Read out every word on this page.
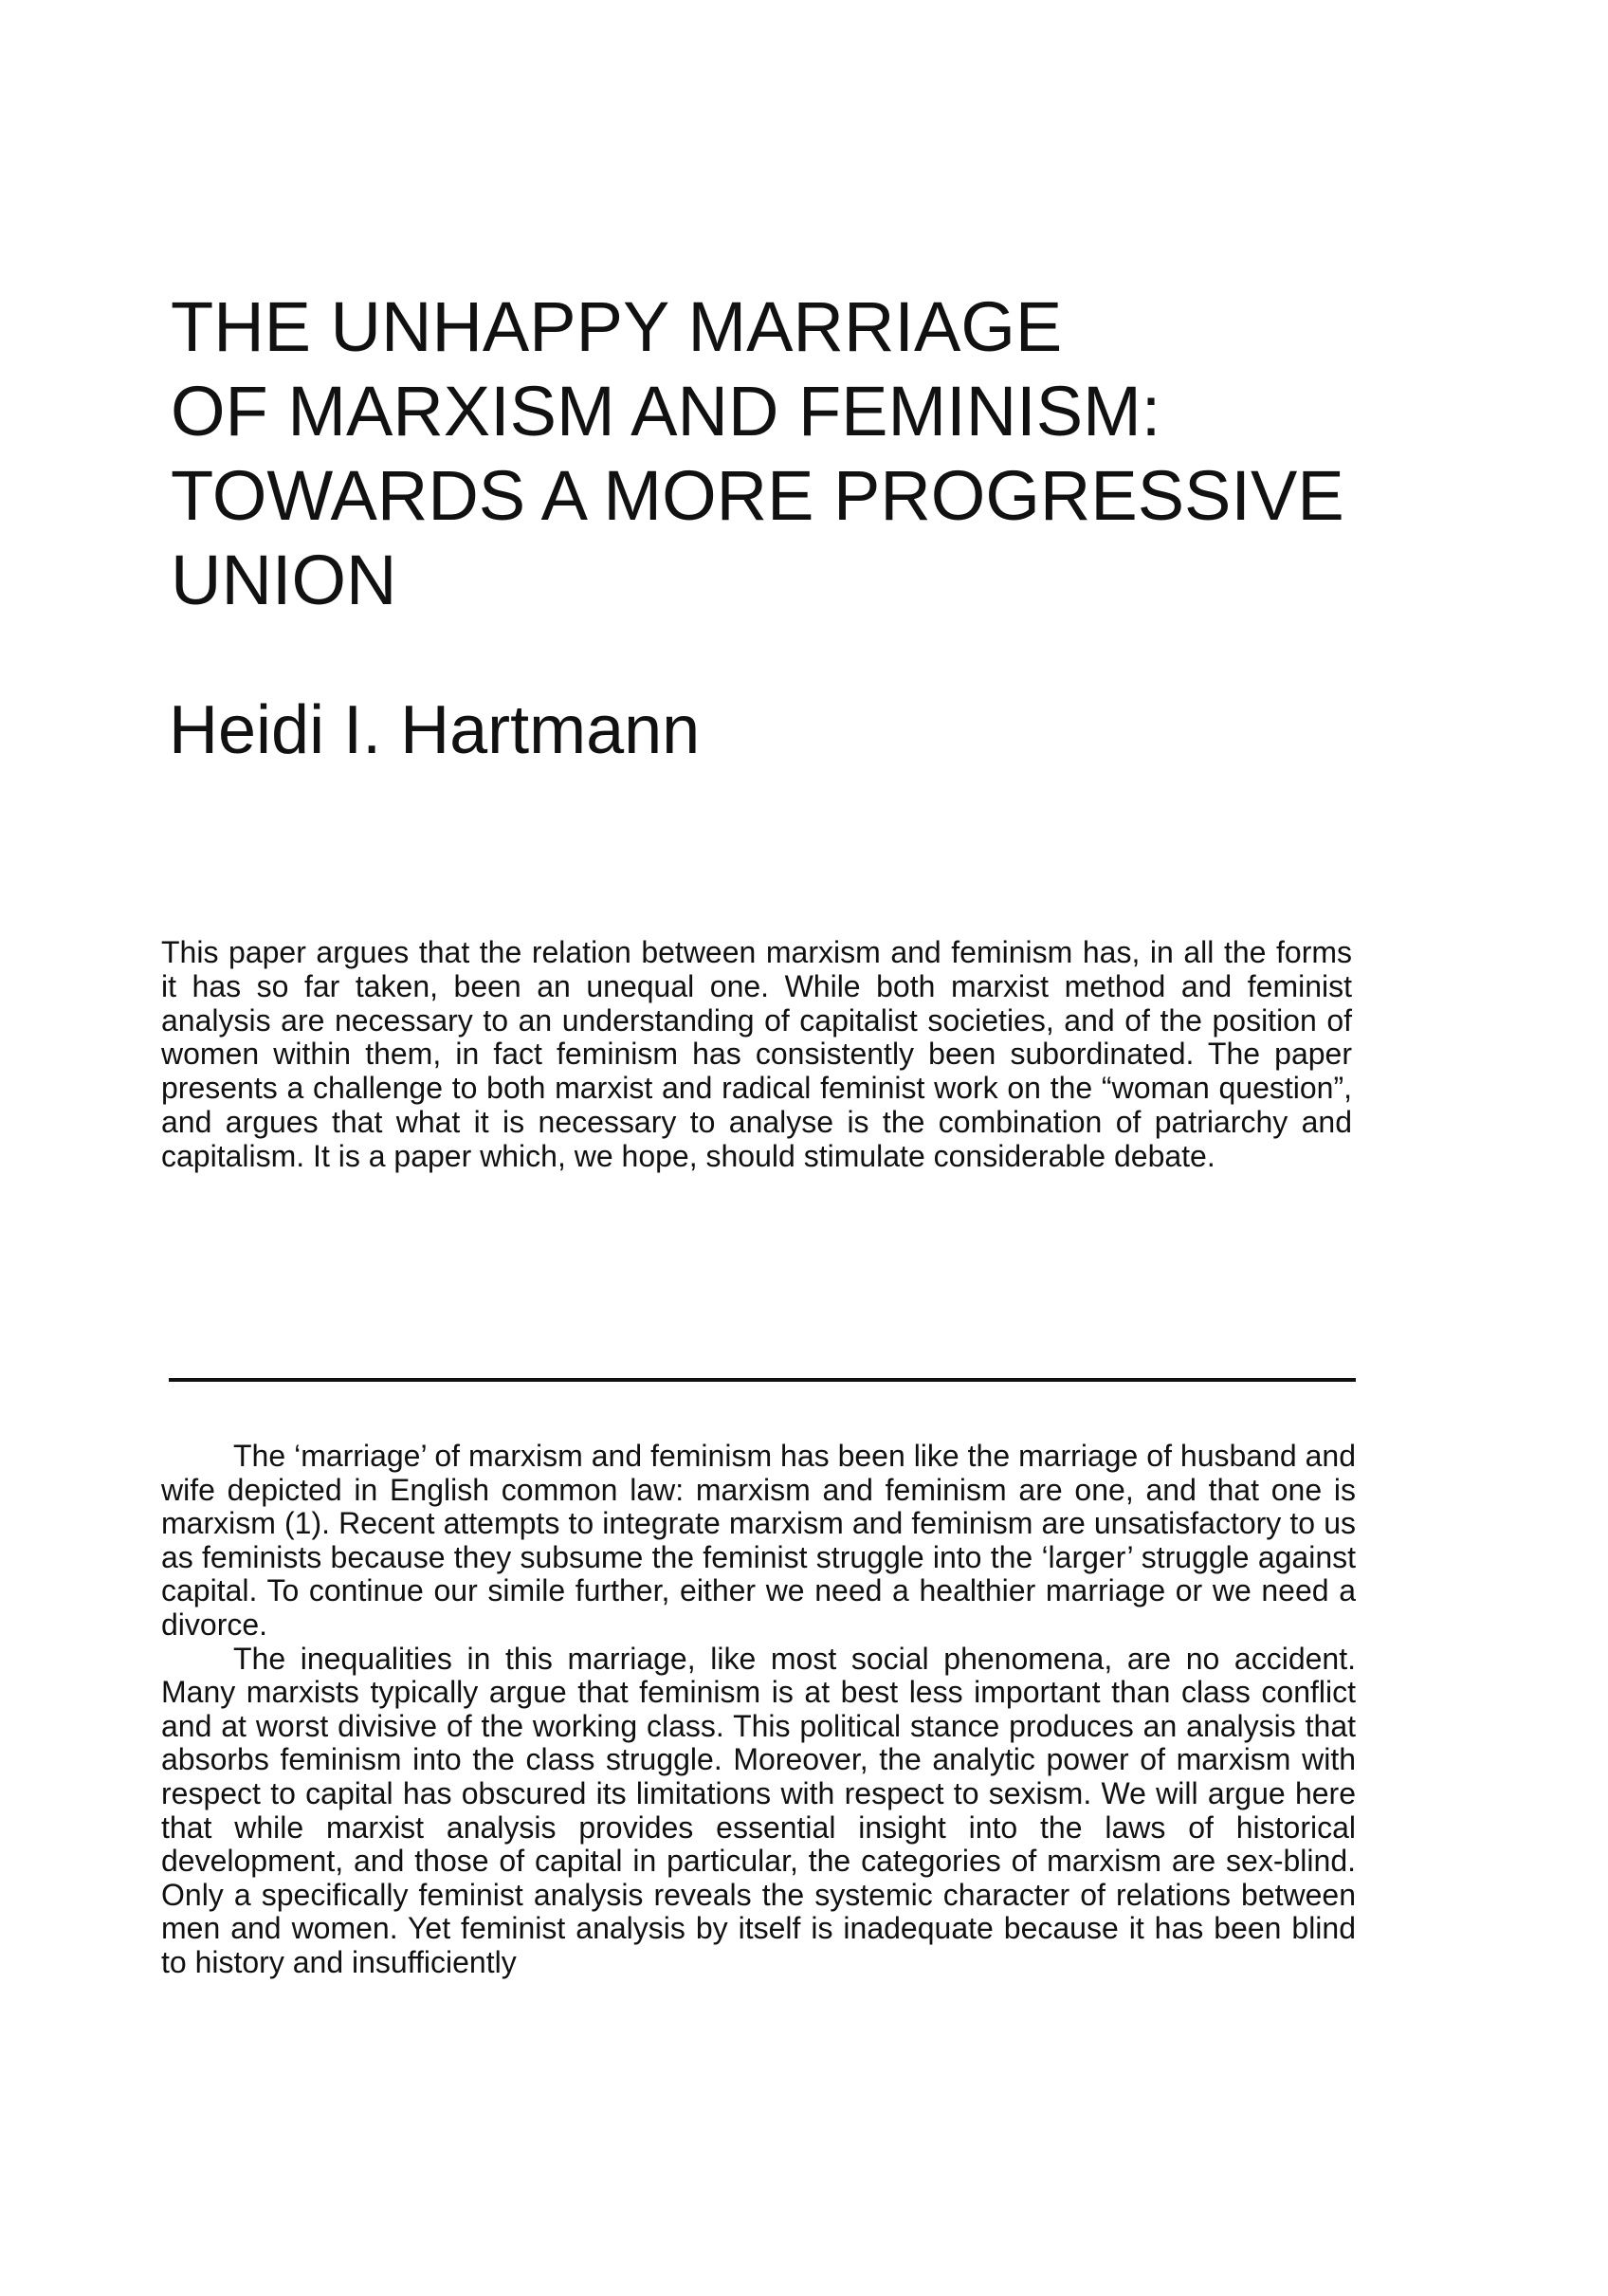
THE UNHAPPY MARRIAGE
OF MARXISM AND FEMINISM:
TOWARDS A MORE PROGRESSIVE
UNION
Heidi I. Hartmann

This paper argues that the relation between marxism and feminism has, in all the forms it has so far taken, been an unequal one. While both marxist method and feminist analysis are necessary to an understanding of capitalist societies, and of the position of women within them, in fact feminism has consistently been subordinated. The paper presents a challenge to both marxist and radical feminist work on the “woman question”, and argues that what it is necessary to analyse is the combination of patriarchy and capitalism. It is a paper which, we hope, should stimulate considerable debate.

The ‘marriage’ of marxism and feminism has been like the marriage of husband and wife depicted in English common law: marxism and feminism are one, and that one is marxism (1). Recent attempts to integrate marxism and feminism are unsatisfactory to us as feminists because they subsume the feminist struggle into the ‘larger’ struggle against capital. To continue our simile further, either we need a healthier marriage or we need a divorce.

The inequalities in this marriage, like most social phenomena, are no accident. Many marxists typically argue that feminism is at best less important than class conflict and at worst divisive of the working class. This political stance produces an analysis that absorbs feminism into the class struggle. Moreover, the analytic power of marxism with respect to capital has obscured its limitations with respect to sexism. We will argue here that while marxist analysis provides essential insight into the laws of historical development, and those of capital in particular, the categories of marxism are sex-blind. Only a specifically feminist analysis reveals the systemic character of relations between men and women. Yet feminist analysis by itself is inadequate because it has been blind to history and insufficiently
